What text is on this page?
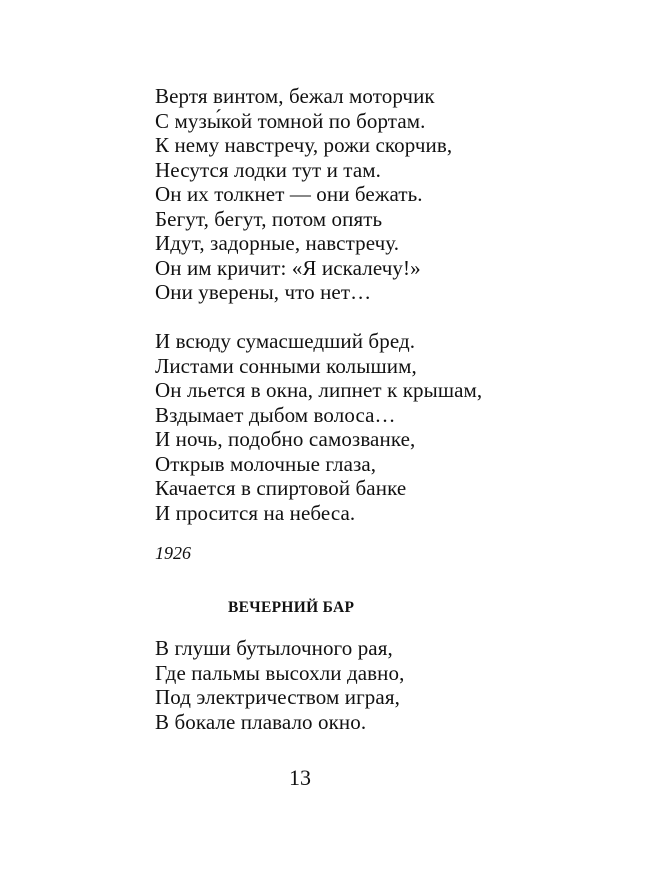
Вертя винтом, бежал моторчик
С музы́кой томной по бортам.
К нему навстречу, рожи скорчив,
Несутся лодки тут и там.
Он их толкнет — они бежать.
Бегут, бегут, потом опять
Идут, задорные, навстречу.
Он им кричит: «Я искалечу!»
Они уверены, что нет…
И всюду сумасшедший бред.
Листами сонными колышим,
Он льется в окна, липнет к крышам,
Вздымает дыбом волоса…
И ночь, подобно самозванке,
Открыв молочные глаза,
Качается в спиртовой банке
И просится на небеса.
1926
ВЕЧЕРНИЙ БАР
В глуши бутылочного рая,
Где пальмы высохли давно,
Под электричеством играя,
В бокале плавало окно.
13
